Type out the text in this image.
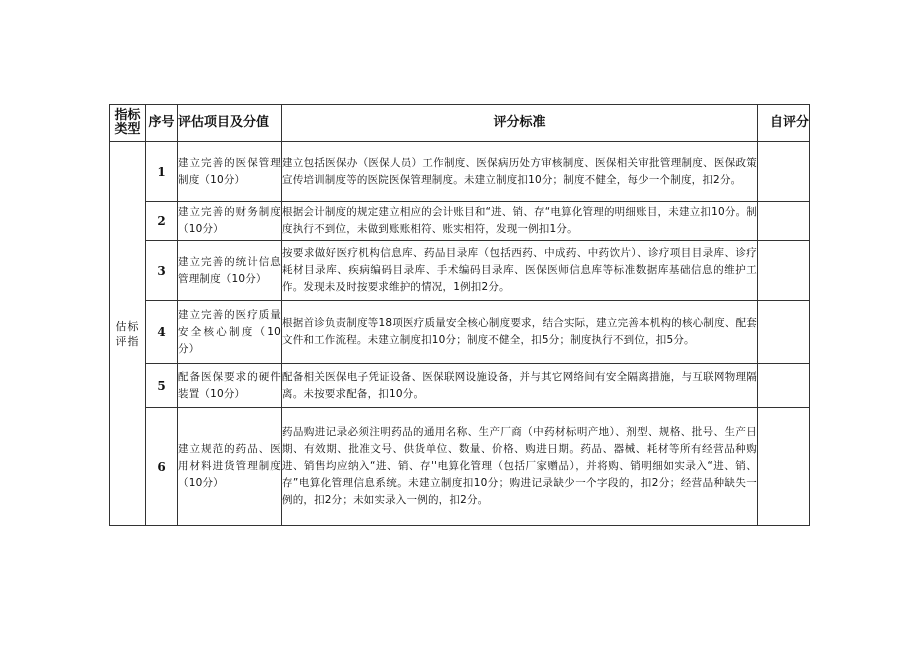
指标类型	序号	评估项目及分值	评分标准	自评分
估标评指	1	建立完善的医保管理制度（10分）	建立包括医保办（医保人员）工作制度、医保病历处方审核制度、医保相关审批管理制度、医保政策宣传培训制度等的医院医保管理制度。未建立制度扣10分；制度不健全，每少一个制度，扣2分。	
	2	建立完善的财务制度（10分）	根据会计制度的规定建立相应的会计账目和“进、销、存“电算化管理的明细账目，未建立扣10分。制度执行不到位，未做到账账相符、账实相符，发现一例扣1分。	
	3	建立完善的统计信息管理制度（10分）	按要求做好医疗机构信息库、药品目录库（包括西药、中成药、中药饮片）、诊疗项目目录库、诊疗耗材目录库、疾病编码目录库、手术编码目录库、医保医师信息库等标准数据库基础信息的维护工作。发现未及时按要求维护的情况，1例扣2分。	
	4	建立完善的医疗质量安全核心制度（10分）	根据首诊负责制度等18项医疗质量安全核心制度要求，结合实际，建立完善本机构的核心制度、配套文件和工作流程。未建立制度扣10分；制度不健全，扣5分；制度执行不到位，扣5分。	
	5	配备医保要求的硬件装置（10分）	配备相关医保电子凭证设备、医保联网设施设备，并与其它网络间有安全隔离措施，与互联网物理隔离。未按要求配备，扣10分。	
	6	建立规范的药品、医用材料进货管理制度（10分）	药品购进记录必须注明药品的通用名称、生产厂商（中药材标明产地）、剂型、规格、批号、生产日期、有效期、批准文号、供货单位、数量、价格、购进日期。药品、器械、耗材等所有经营品种购进、销售均应纳入“进、销、存''电算化管理（包括厂家赠品），并将购、销明细如实录入“进、销、存”电算化管理信息系统。未建立制度扣10分；购进记录缺少一个字段的，扣2分；经营品种缺失一例的，扣2分；未如实录入一例的，扣2分。	
